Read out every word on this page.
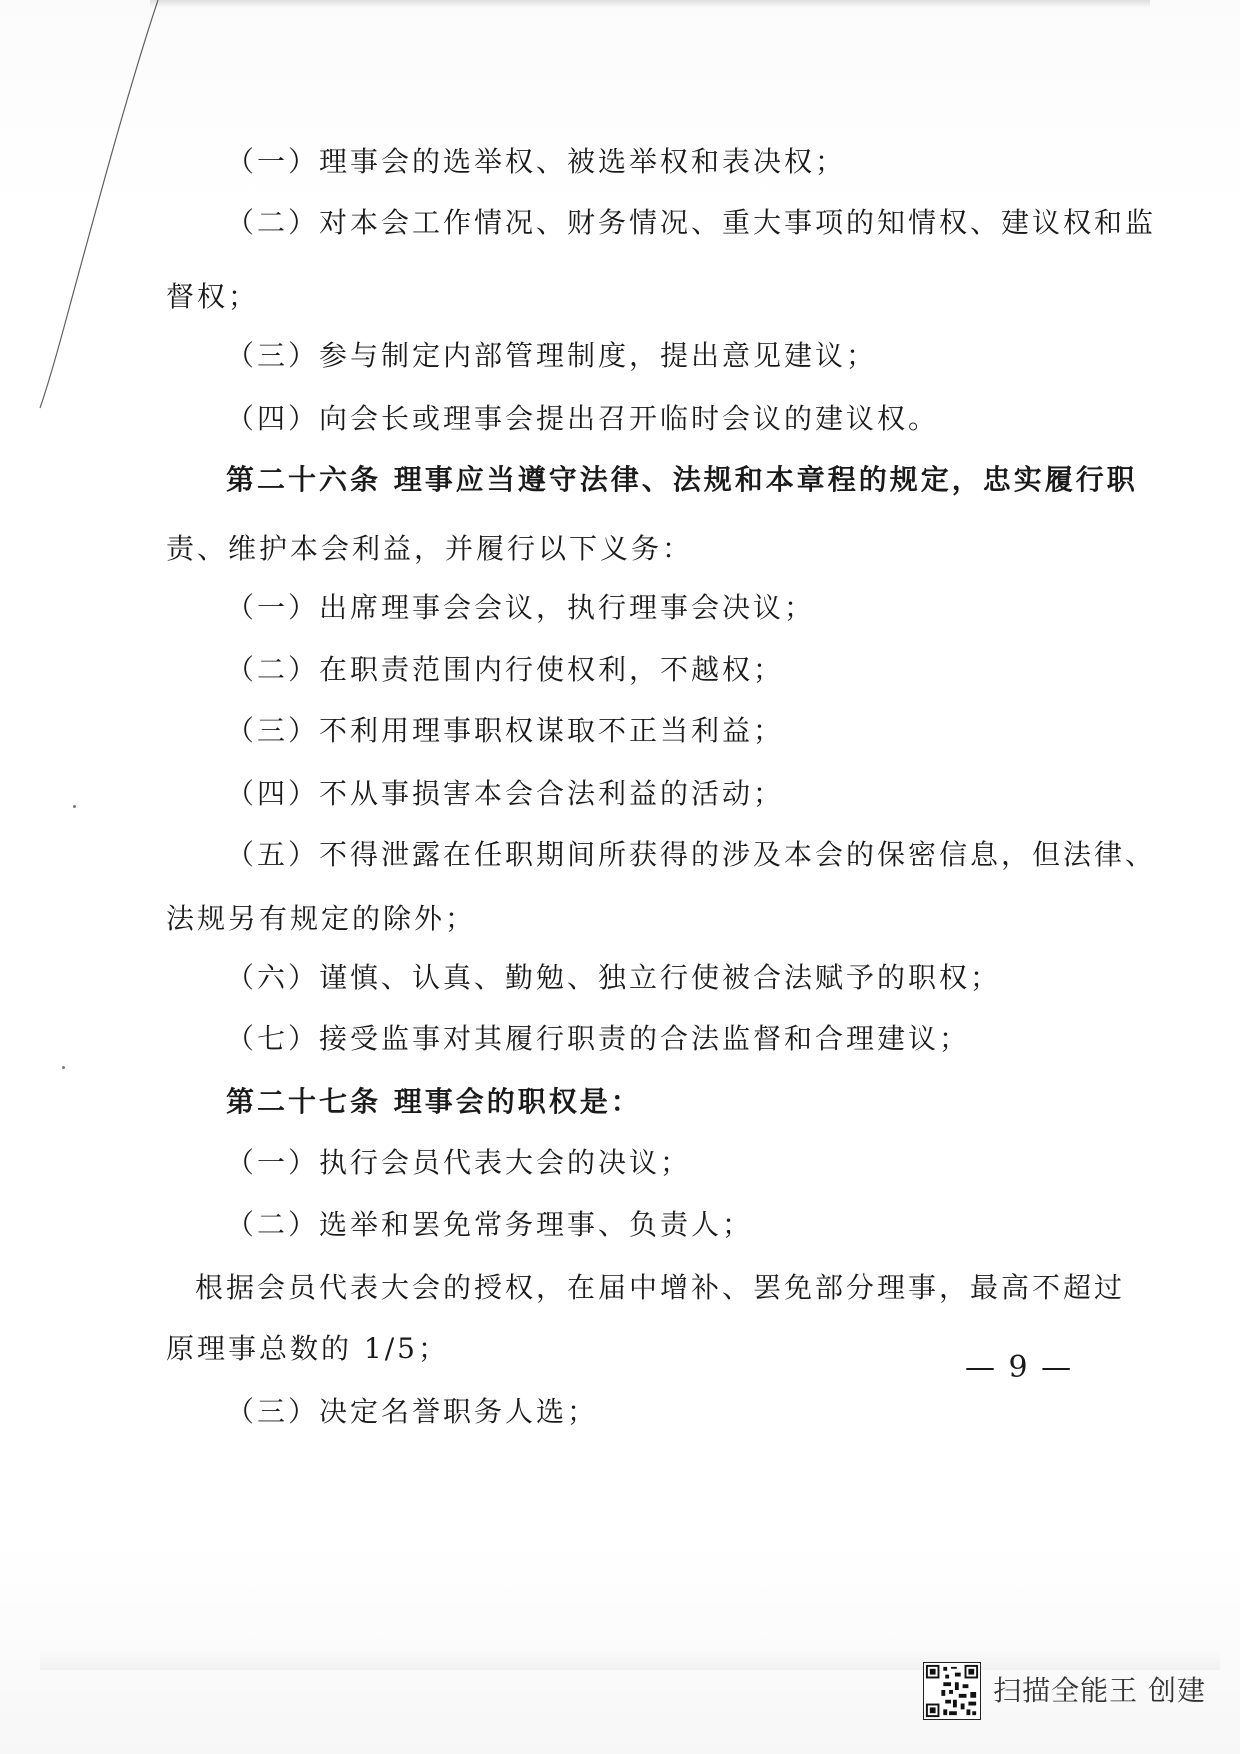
（一）理事会的选举权、被选举权和表决权；
（二）对本会工作情况、财务情况、重大事项的知情权、建议权和监
督权；
（三）参与制定内部管理制度，提出意见建议；
（四）向会长或理事会提出召开临时会议的建议权。
第二十六条 理事应当遵守法律、法规和本章程的规定，忠实履行职
责、维护本会利益，并履行以下义务：
（一）出席理事会会议，执行理事会决议；
（二）在职责范围内行使权利，不越权；
（三）不利用理事职权谋取不正当利益；
（四）不从事损害本会合法利益的活动；
（五）不得泄露在任职期间所获得的涉及本会的保密信息，但法律、
法规另有规定的除外；
（六）谨慎、认真、勤勉、独立行使被合法赋予的职权；
（七）接受监事对其履行职责的合法监督和合理建议；
第二十七条 理事会的职权是：
（一）执行会员代表大会的决议；
（二）选举和罢免常务理事、负责人；
根据会员代表大会的授权，在届中增补、罢免部分理事，最高不超过
原理事总数的 1/5；
（三）决定名誉职务人选；
— 9 —
扫描全能王 创建
